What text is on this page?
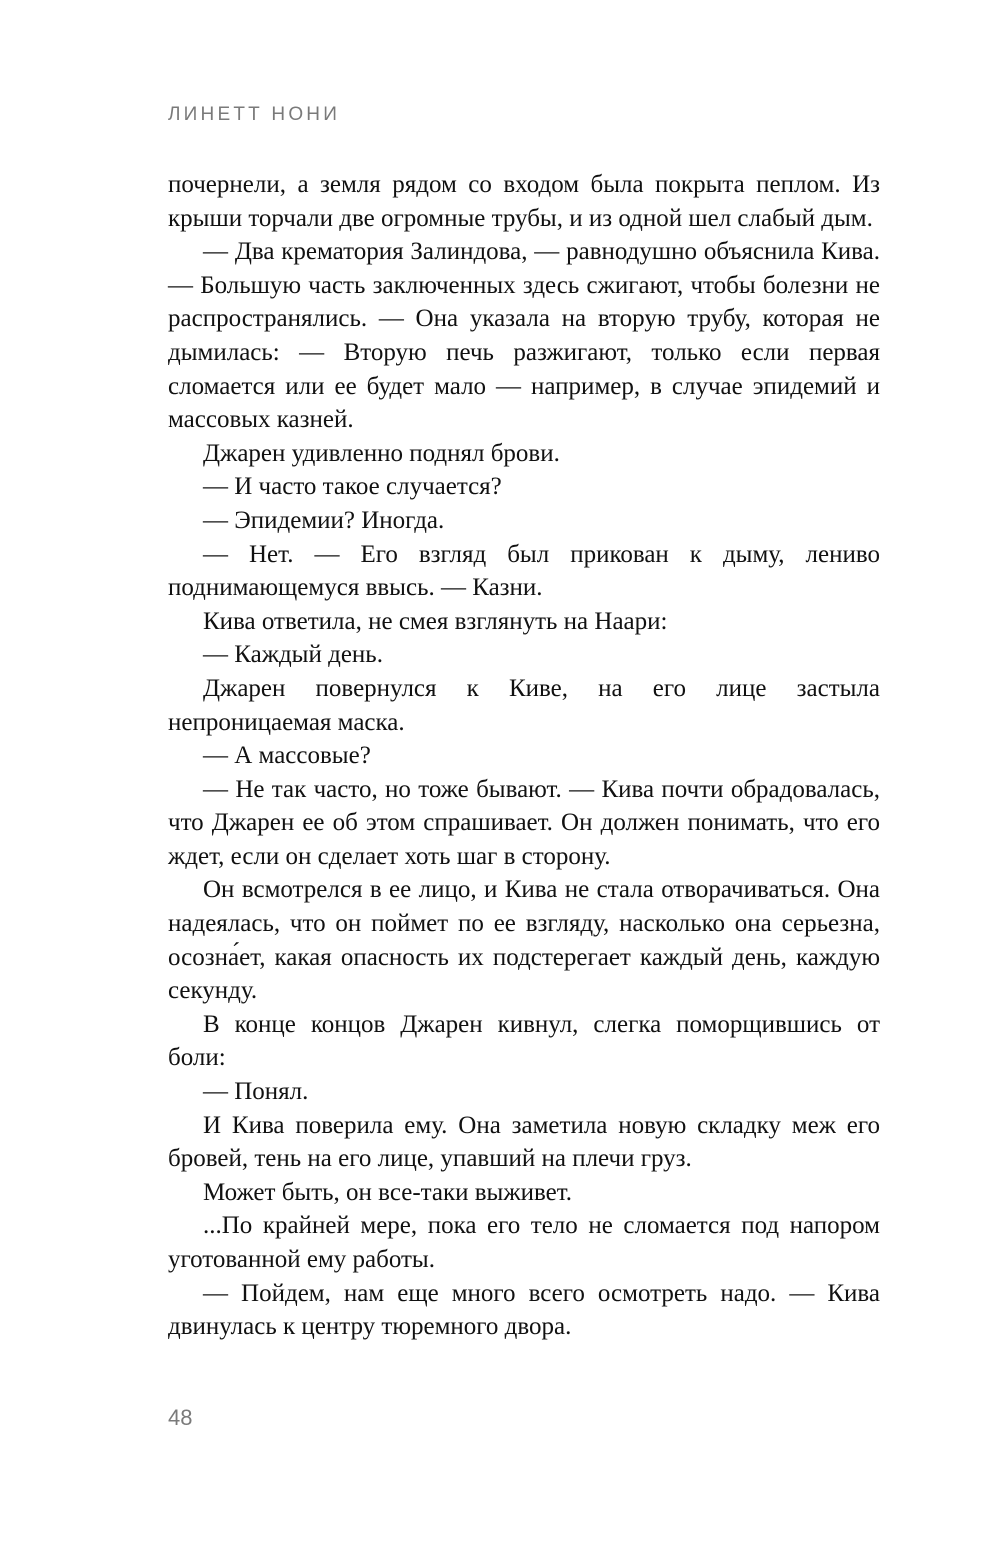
ЛИНЕТТ НОНИ

почернели, а земля рядом со входом была покрыта пеплом. Из крыши торчали две огромные трубы, и из одной шел слабый дым.

— Два крематория Залиндова, — равнодушно объяснила Кива. — Большую часть заключенных здесь сжигают, чтобы болезни не распространялись. — Она указала на вторую трубу, которая не дымилась: — Вторую печь разжигают, только если первая сломается или ее будет мало — например, в случае эпидемий и массовых казней.

Джарен удивленно поднял брови.

— И часто такое случается?

— Эпидемии? Иногда.

— Нет. — Его взгляд был прикован к дыму, лениво поднимающемуся ввысь. — Казни.

Кива ответила, не смея взглянуть на Наари:

— Каждый день.

Джарен повернулся к Киве, на его лице застыла непроницаемая маска.

— А массовые?

— Не так часто, но тоже бывают. — Кива почти обрадовалась, что Джарен ее об этом спрашивает. Он должен понимать, что его ждет, если он сделает хоть шаг в сторону.

Он всмотрелся в ее лицо, и Кива не стала отворачиваться. Она надеялась, что он поймет по ее взгляду, насколько она серьезна, осозна́ет, какая опасность их подстерегает каждый день, каждую секунду.

В конце концов Джарен кивнул, слегка поморщившись от боли:

— Понял.

И Кива поверила ему. Она заметила новую складку меж его бровей, тень на его лице, упавший на плечи груз.

Может быть, он все-таки выживет.

...По крайней мере, пока его тело не сломается под напором уготованной ему работы.

— Пойдем, нам еще много всего осмотреть надо. — Кива двинулась к центру тюремного двора.

48
